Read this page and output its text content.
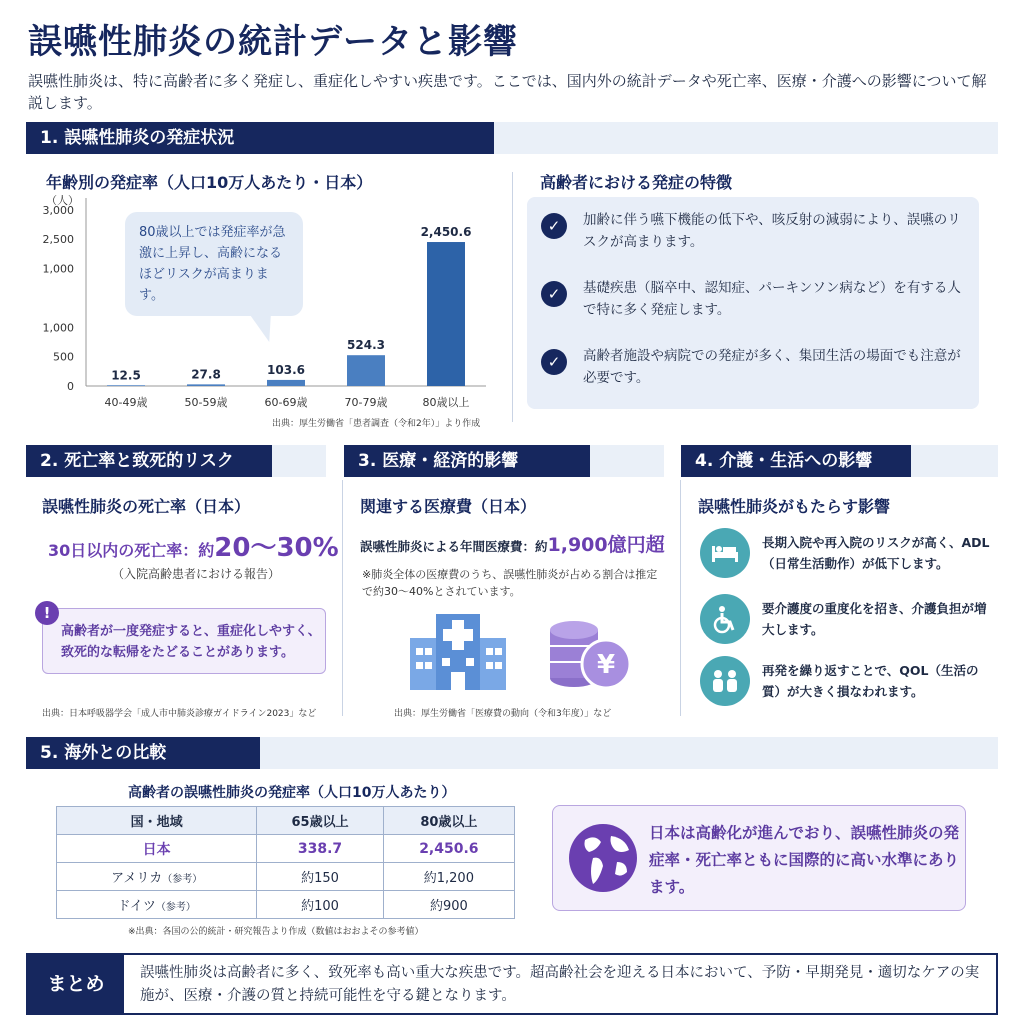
誤嚥性肺炎の統計データと影響
誤嚥性肺炎は、特に高齢者に多く発症し、重症化しやすい疾患です。ここでは、国内外の統計データや死亡率、医療・介護への影響について解説します。
1. 誤嚥性肺炎の発症状況
年齢別の発症率（人口10万人あたり・日本）
（人）
0
500
1,000
1,000
2,500
3,000
12.5
40-49歳
27.8
50-59歳
103.6
60-69歳
524.3
70-79歳
2,450.6
80歳以上
80歳以上では発症率が急激に上昇し、高齢になるほどリスクが高まります。
出典：厚生労働省「患者調査（令和2年）」より作成
高齢者における発症の特徴
✓	加齢に伴う嚥下機能の低下や、咳反射の減弱により、誤嚥のリスクが高まります。
✓	基礎疾患（脳卒中、認知症、パーキンソン病など）を有する人で特に多く発症します。
✓	高齢者施設や病院での発症が多く、集団生活の場面でも注意が必要です。
2. 死亡率と致死的リスク	3. 医療・経済的影響	4. 介護・生活への影響
誤嚥性肺炎の死亡率（日本）
30日以内の死亡率：約20〜30%
（入院高齢患者における報告）
!
高齢者が一度発症すると、重症化しやすく、致死的な転帰をたどることがあります。
出典：日本呼吸器学会「成人市中肺炎診療ガイドライン2023」など
関連する医療費（日本）
誤嚥性肺炎による年間医療費：約1,900億円超
※肺炎全体の医療費のうち、誤嚥性肺炎が占める割合は推定で約30〜40%とされています。
¥
出典：厚生労働省「医療費の動向（令和3年度）」など
誤嚥性肺炎がもたらす影響
長期入院や再入院のリスクが高く、ADL（日常生活動作）が低下します。
要介護度の重度化を招き、介護負担が増大します。
再発を繰り返すことで、QOL（生活の質）が大きく損なわれます。
5. 海外との比較
高齢者の誤嚥性肺炎の発症率（人口10万人あたり）
国・地域	65歳以上	80歳以上
日本	338.7	2,450.6
アメリカ（参考）	約150	約1,200
ドイツ（参考）	約100	約900
※出典：各国の公的統計・研究報告より作成（数値はおおよその参考値）
日本は高齢化が進んでおり、誤嚥性肺炎の発症率・死亡率ともに国際的に高い水準にあります。
まとめ	誤嚥性肺炎は高齢者に多く、致死率も高い重大な疾患です。超高齢社会を迎える日本において、予防・早期発見・適切なケアの実施が、医療・介護の質と持続可能性を守る鍵となります。
